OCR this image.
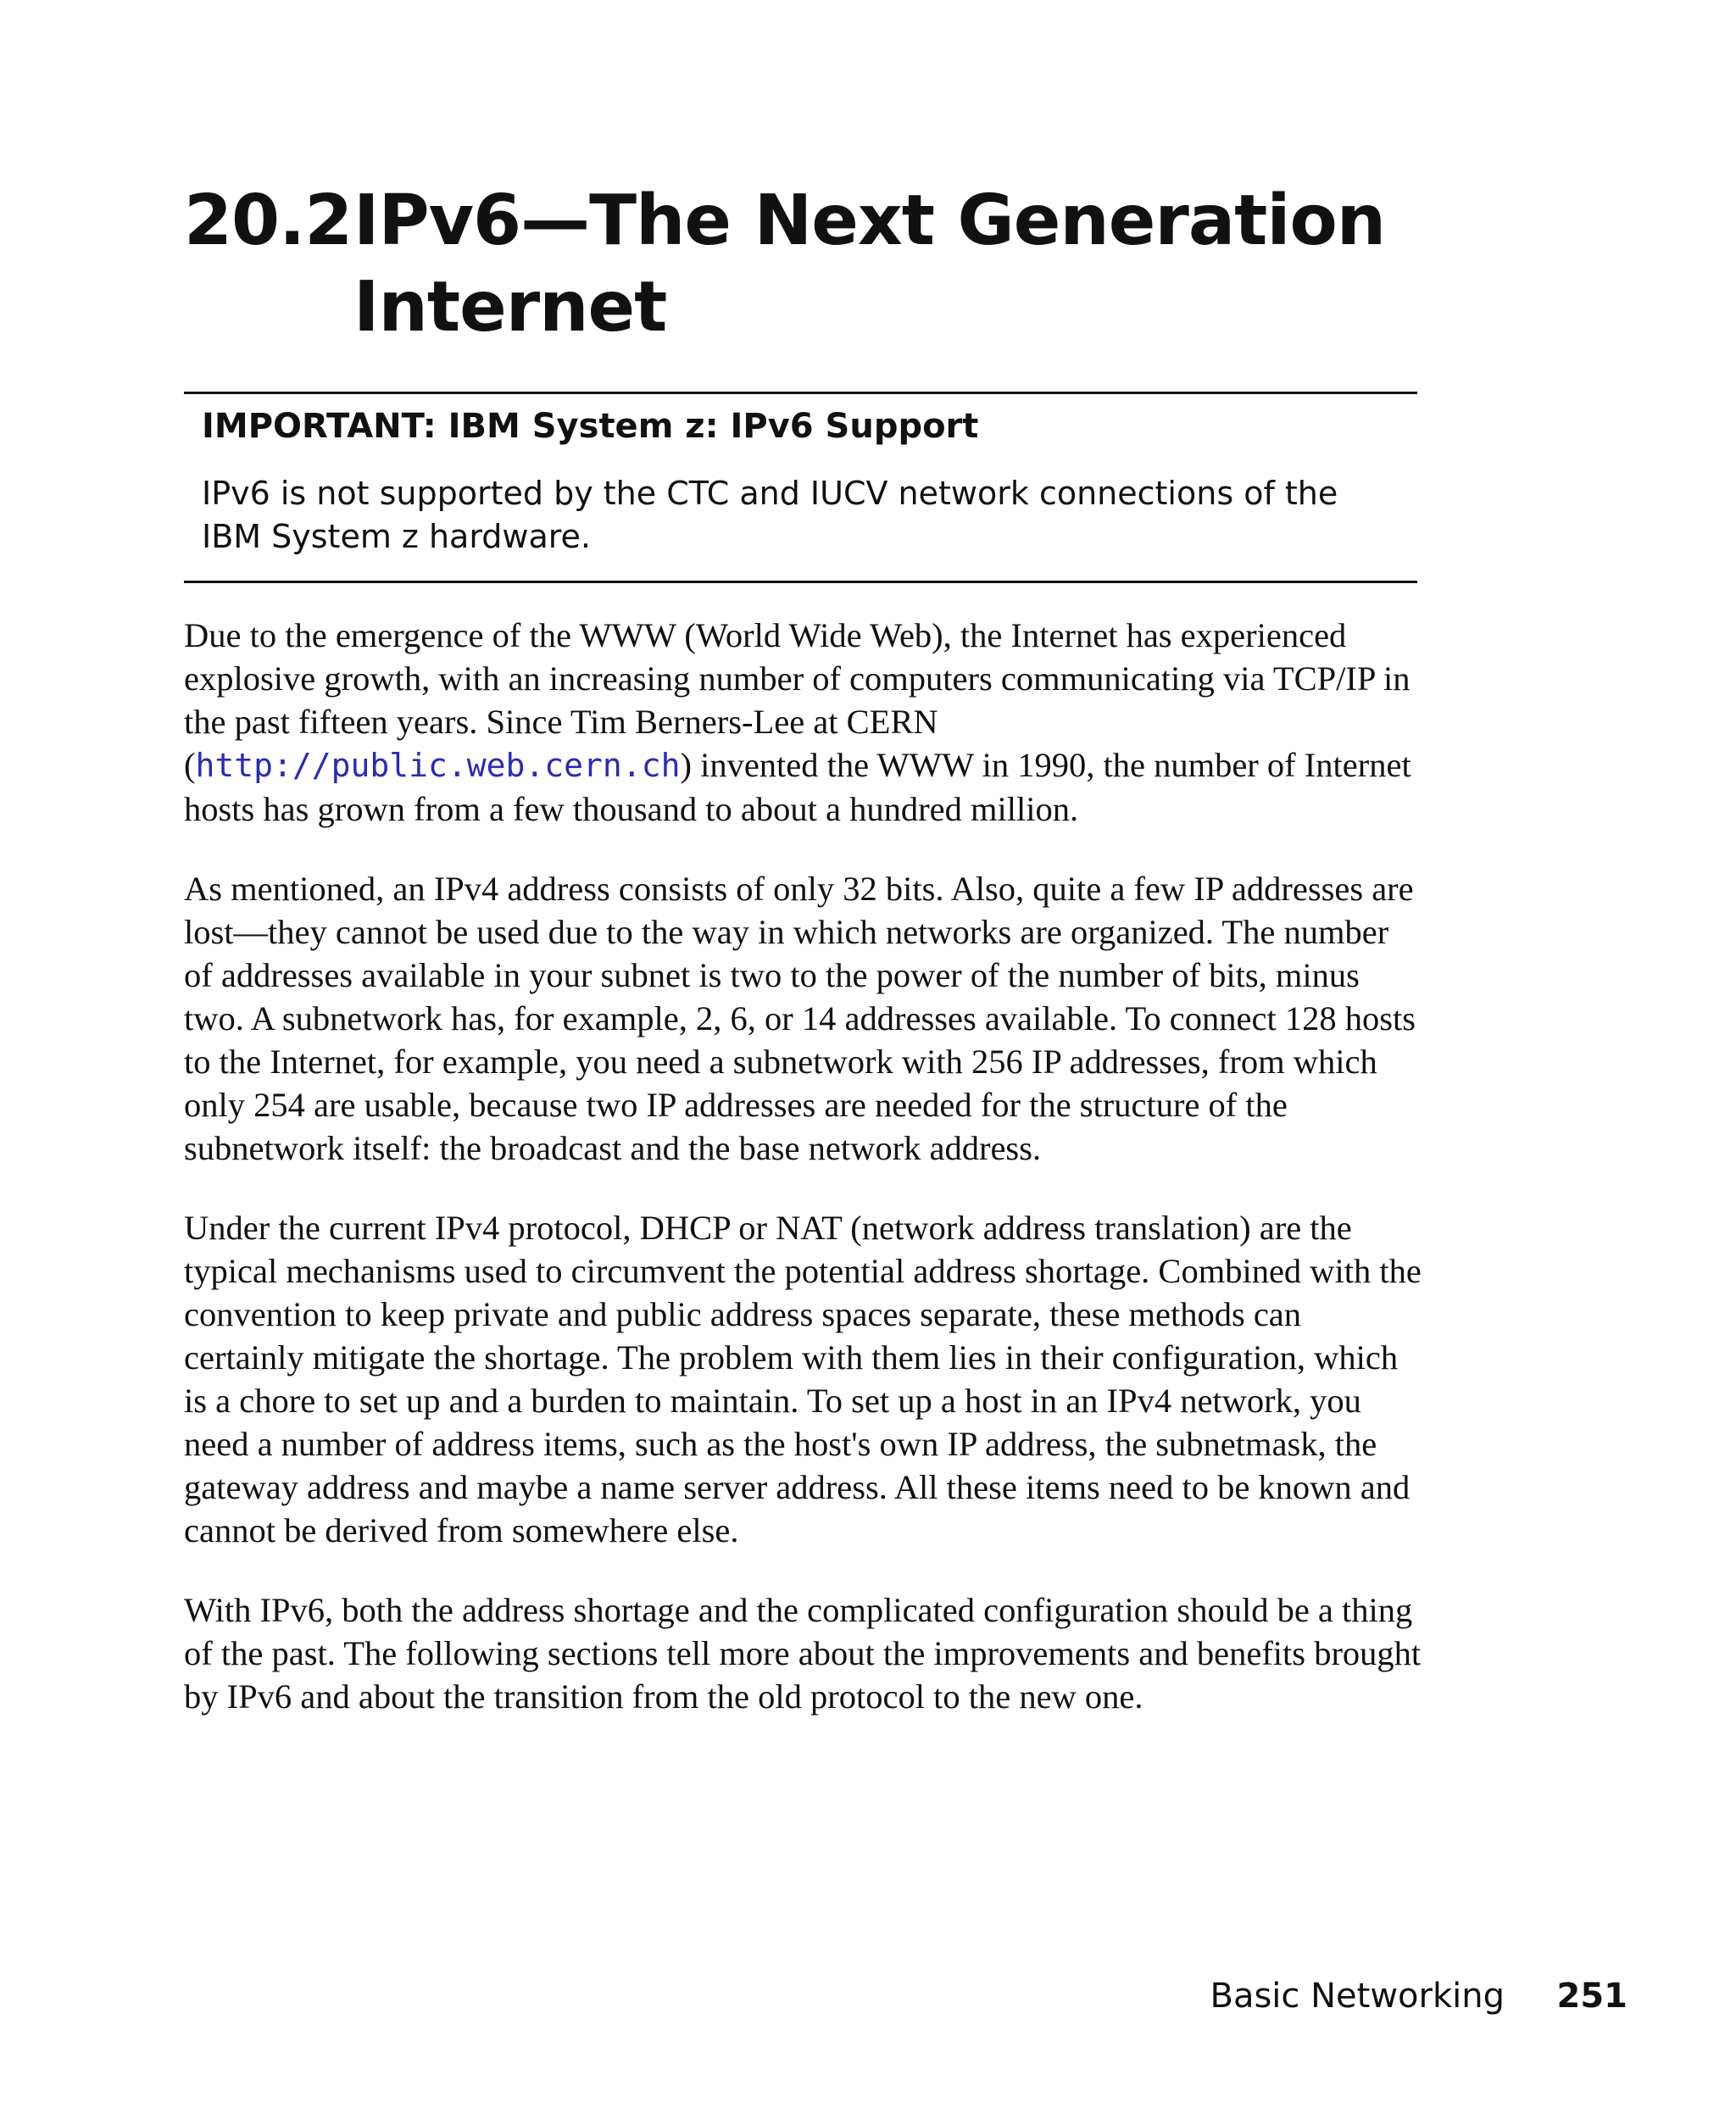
20.2 IPv6—The Next Generation
Internet

IMPORTANT: IBM System z: IPv6 Support

IPv6 is not supported by the CTC and IUCV network connections of the IBM System z hardware.

Due to the emergence of the WWW (World Wide Web), the Internet has experienced explosive growth, with an increasing number of computers communicating via TCP/IP in the past fifteen years. Since Tim Berners-Lee at CERN (http://public.web.cern.ch) invented the WWW in 1990, the number of Internet hosts has grown from a few thousand to about a hundred million.

As mentioned, an IPv4 address consists of only 32 bits. Also, quite a few IP addresses are lost—they cannot be used due to the way in which networks are organized. The number of addresses available in your subnet is two to the power of the number of bits, minus two. A subnetwork has, for example, 2, 6, or 14 addresses available. To connect 128 hosts to the Internet, for example, you need a subnetwork with 256 IP addresses, from which only 254 are usable, because two IP addresses are needed for the structure of the subnetwork itself: the broadcast and the base network address.

Under the current IPv4 protocol, DHCP or NAT (network address translation) are the typical mechanisms used to circumvent the potential address shortage. Combined with the convention to keep private and public address spaces separate, these methods can certainly mitigate the shortage. The problem with them lies in their configuration, which is a chore to set up and a burden to maintain. To set up a host in an IPv4 network, you need a number of address items, such as the host's own IP address, the subnetmask, the gateway address and maybe a name server address. All these items need to be known and cannot be derived from somewhere else.

With IPv6, both the address shortage and the complicated configuration should be a thing of the past. The following sections tell more about the improvements and benefits brought by IPv6 and about the transition from the old protocol to the new one.

Basic Networking 251
